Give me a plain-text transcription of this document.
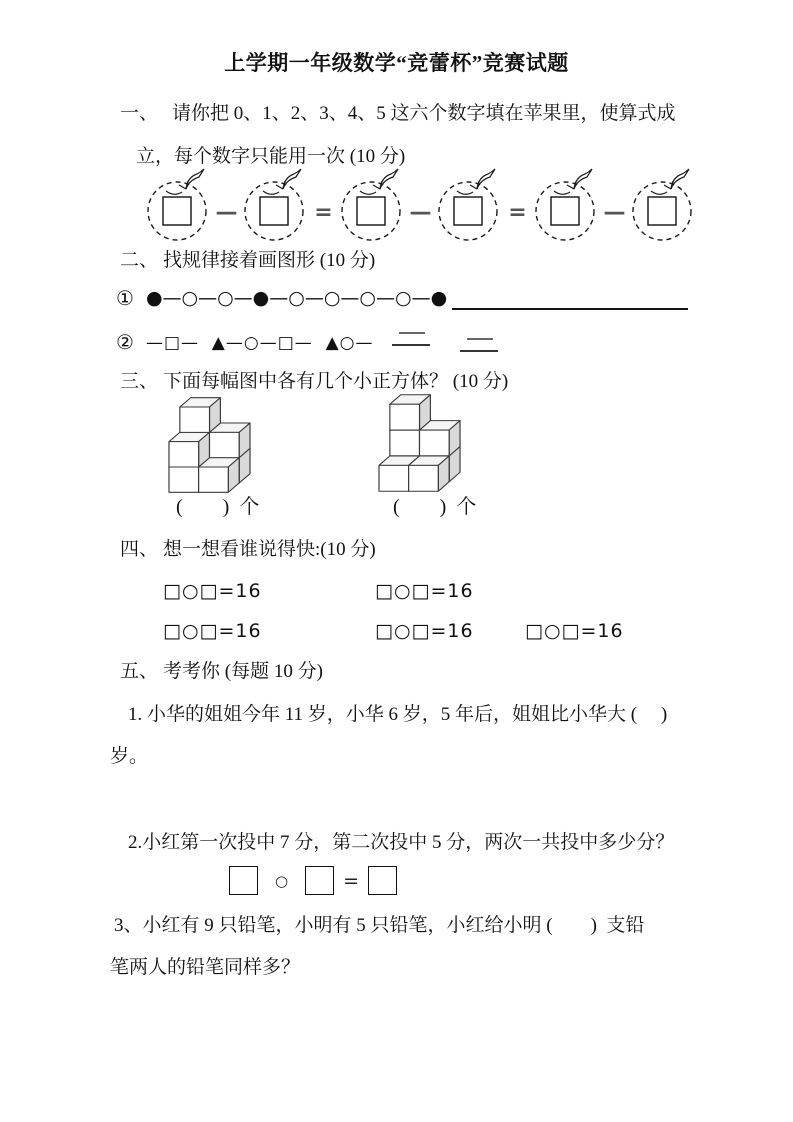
上学期一年级数学“竞蕾杯”竞赛试题
一、 请你把 0、1、2、3、4、5 这六个数字填在苹果里，使算式成
立，每个数字只能用一次 (10 分)
—	=	—	=	—
二、 找规律接着画图形 (10 分)
① ●—○—○—●—○—○—○—○—●
② —□—  ▲—○—□—  ▲○—
三、 下面每幅图中各有几个小正方体？ (10 分)
(        )  个	(        )  个
四、 想一想看谁说得快:(10 分)
□○□=16	□○□=16
□○□=16	□○□=16	□○□=16
五、 考考你 (每题 10 分)
1. 小华的姐姐今年 11 岁，小华 6 岁，5 年后，姐姐比小华大 (     )
岁。
2.小红第一次投中 7 分，第二次投中 5 分，两次一共投中多少分？
○	=
3、小红有 9 只铅笔，小明有 5 只铅笔，小红给小明 (        )  支铅
笔两人的铅笔同样多？
